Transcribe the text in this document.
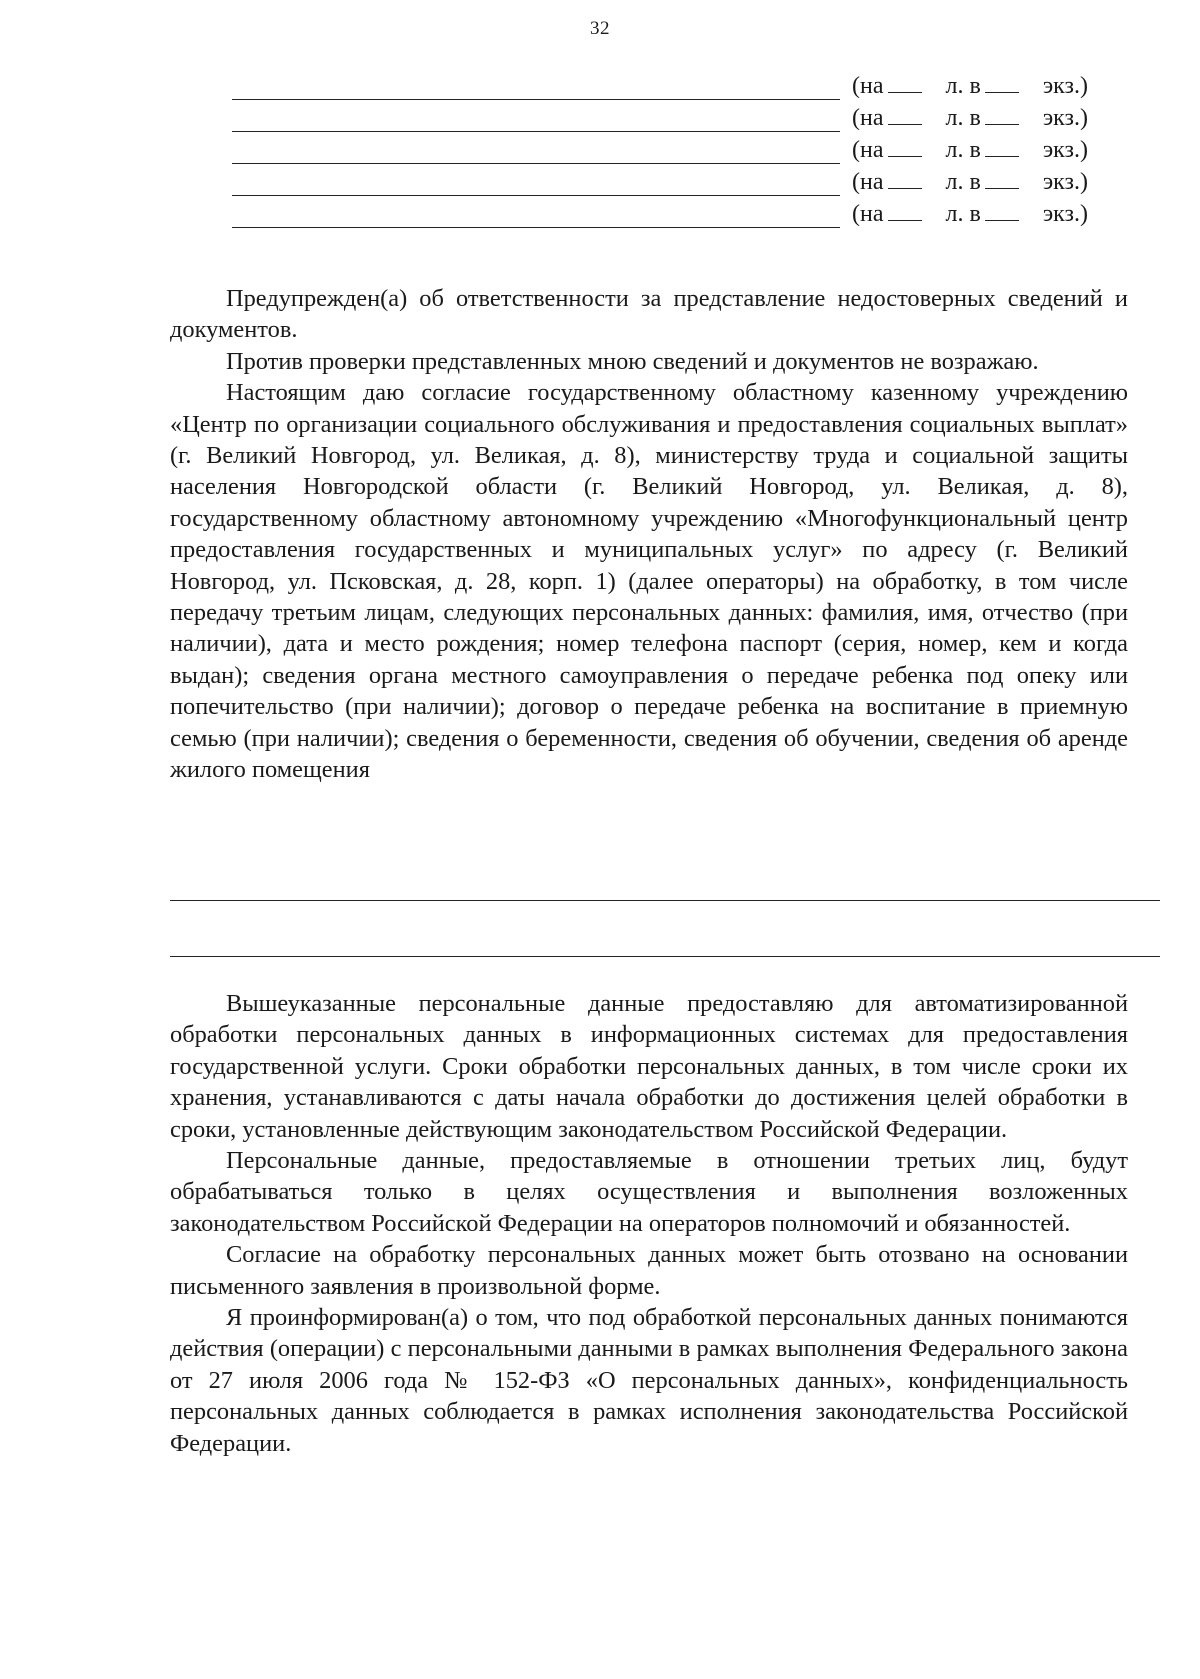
32
(на	л. в	экз.)
(на	л. в	экз.)
(на	л. в	экз.)
(на	л. в	экз.)
(на	л. в	экз.)

Предупрежден(а) об ответственности за представление недостоверных сведений и документов.

Против проверки представленных мною сведений и документов не возражаю.

Настоящим даю согласие государственному областному казенному учреждению «Центр по организации социального обслуживания и предоставления социальных выплат» (г. Великий Новгород, ул. Великая, д. 8), министерству труда и социальной защиты населения Новгородской области (г. Великий Новгород, ул. Великая, д. 8), государственному областному автономному учреждению «Многофункциональный центр предоставления государственных и муниципальных услуг» по адресу (г. Великий Новгород, ул. Псковская, д. 28, корп. 1) (далее операторы) на обработку, в том числе передачу третьим лицам, следующих персональных данных: фамилия, имя, отчество (при наличии), дата и место рождения; номер телефона паспорт (серия, номер, кем и когда выдан); сведения органа местного самоуправления о передаче ребенка под опеку или попечительство (при наличии); договор о передаче ребенка на воспитание в приемную семью (при наличии); сведения о беременности, сведения об обучении, сведения об аренде жилого помещения

Вышеуказанные персональные данные предоставляю для автоматизированной обработки персональных данных в информационных системах для предоставления государственной услуги. Сроки обработки персональных данных, в том числе сроки их хранения, устанавливаются с даты начала обработки до достижения целей обработки в сроки, установленные действующим законодательством Российской Федерации.

Персональные данные, предоставляемые в отношении третьих лиц, будут обрабатываться только в целях осуществления и выполнения возложенных законодательством Российской Федерации на операторов полномочий и обязанностей.

Согласие на обработку персональных данных может быть отозвано на основании письменного заявления в произвольной форме.

Я проинформирован(а) о том, что под обработкой персональных данных понимаются действия (операции) с персональными данными в рамках выполнения Федерального закона от 27 июля 2006 года № 152-ФЗ «О персональных данных», конфиденциальность персональных данных соблюдается в рамках исполнения законодательства Российской Федерации.
